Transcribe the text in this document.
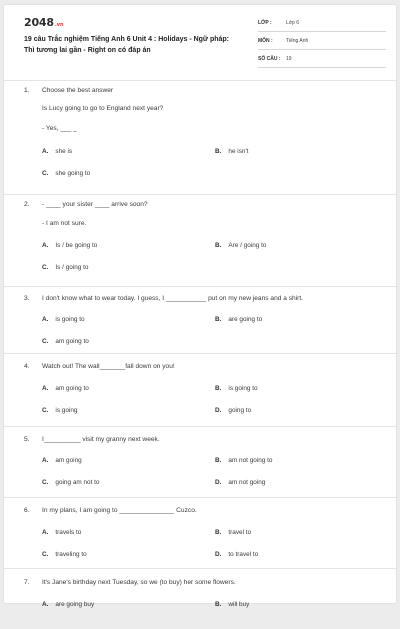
2048.vn
19 câu Trắc nghiệm Tiếng Anh 6 Unit 4 : Holidays - Ngữ pháp: Thì tương lai gần - Right on có đáp án
LỚP :	Lớp 6
MÔN :	Tiếng Anh
SỐ CÂU : 19
1. Choose the best answer
Is Lucy going to go to England next year?
- Yes, ___ _
A. she is	B. he isn't
C. she going to
2. - ____ your sister ____ arrive soon?
- I am not sure.
A. Is / be going to	B. Are / going to
C. Is / going to
3. I don't know what to wear today. I guess, I ___________ put on my new jeans and a shirt.
A. is going to	B. are going to
C. am going to
4. Watch out! The wall_______fall down on you!
A. am going to	B. is going to
C. is going	D. going to
5. I__________ visit my granny next week.
A. am going	B. am not going to
C. going am not to	D. am not going
6. In my plans, I am going to _______________ Cuzco.
A. travels to	B. travel to
C. traveling to	D. to travel to
7. It's Jane's birthday next Tuesday, so we (to buy) her some flowers.
A. are going buy	B. will buy
